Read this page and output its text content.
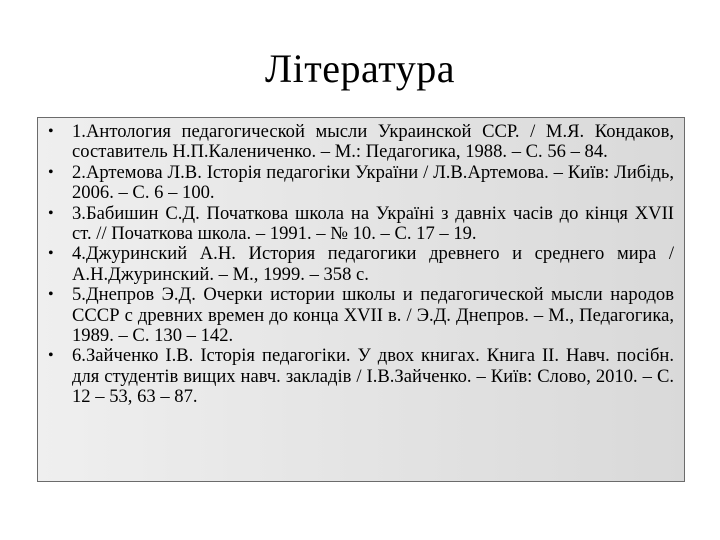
Література
• 1.Антология педагогической мысли Украинской ССР. / М.Я. Кондаков, составитель Н.П.Калениченко. – М.: Педагогика, 1988. – С. 56 – 84.
• 2.Артемова Л.В. Історія педагогіки України / Л.В.Артемова. – Київ: Либідь, 2006. – С. 6 – 100.
• 3.Бабишин С.Д. Початкова школа на Україні з давніх часів до кінця XVII ст. // Початкова школа. – 1991. – № 10. – С. 17 – 19.
• 4.Джуринский А.Н. История педагогики древнего и среднего мира / А.Н.Джуринский. – М., 1999. – 358 с.
• 5.Днепров Э.Д. Очерки истории школы и педагогической мысли народов СССР с древних времен до конца XVII в. / Э.Д. Днепров. – М., Педагогика, 1989. – С. 130 – 142.
• 6.Зайченко І.В. Історія педагогіки. У двох книгах. Книга ІІ. Навч. посібн. для студентів вищих навч. закладів / І.В.Зайченко. – Київ: Слово, 2010. – С. 12 – 53, 63 – 87.
